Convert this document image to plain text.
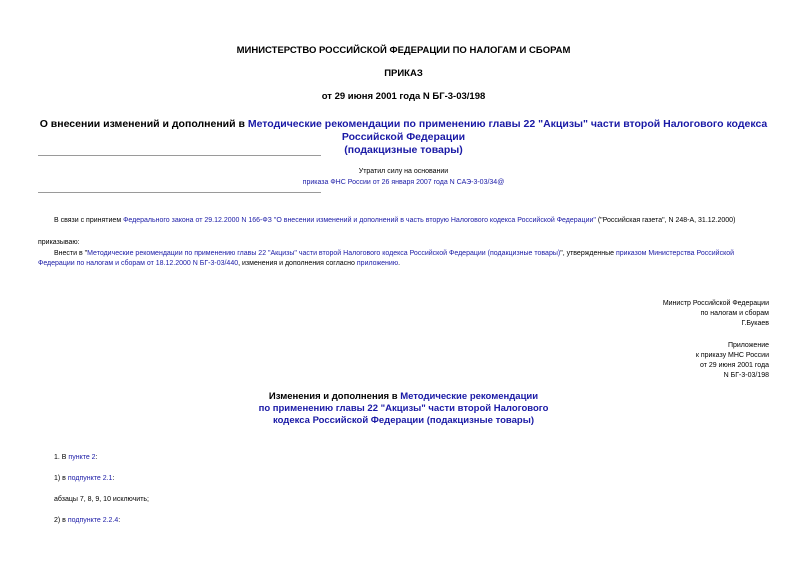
МИНИСТЕРСТВО РОССИЙСКОЙ ФЕДЕРАЦИИ ПО НАЛОГАМ И СБОРАМ
ПРИКАЗ
от 29 июня 2001 года N БГ-3-03/198
О внесении изменений и дополнений в Методические рекомендации по применению главы 22 "Акцизы" части второй Налогового кодекса Российской Федерации
(подакцизные товары)
Утратил силу на основании
приказа ФНС России от 26 января 2007 года N САЭ-3-03/34@
В связи с принятием Федерального закона от 29.12.2000 N 166-ФЗ "О внесении изменений и дополнений в часть вторую Налогового кодекса Российской Федерации" ("Российская газета", N 248-А, 31.12.2000)
приказываю:
Внести в "Методические рекомендации по применению главы 22 "Акцизы" части второй Налогового кодекса Российской Федерации (подакцизные товары)", утвержденные приказом Министерства Российской Федерации по налогам и сборам от 18.12.2000 N БГ-3-03/440, изменения и дополнения согласно приложению.
Министр Российской Федерации
по налогам и сборам
Г.Букаев
Приложение
к приказу МНС России
от 29 июня 2001 года
N БГ-3-03/198
Изменения и дополнения в Методические рекомендации
по применению главы 22 "Акцизы" части второй Налогового
кодекса Российской Федерации (подакцизные товары)
1. В пункте 2:
1) в подпункте 2.1:
абзацы 7, 8, 9, 10 исключить;
2) в подпункте 2.2.4:
